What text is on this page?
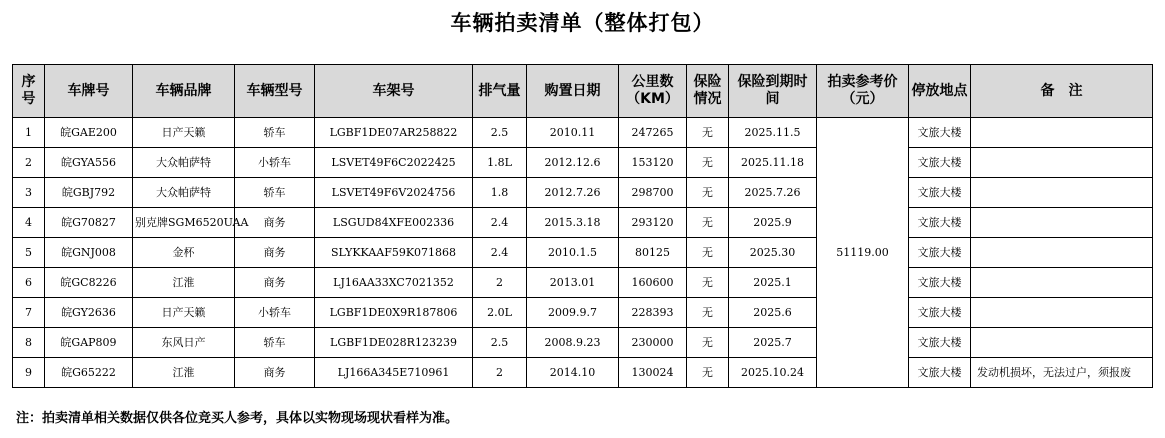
车辆拍卖清单（整体打包）
序号	车牌号	车辆品牌	车辆型号	车架号	排气量	购置日期	公里数（KM）	保险情况	保险到期时间	拍卖参考价（元）	停放地点	备　注
1	皖GAE200	日产天籁	轿车	LGBF1DE07AR258822	2.5	2010.11	247265	无	2025.11.5	51119.00	文旅大楼	
2	皖GYA556	大众帕萨特	小轿车	LSVET49F6C2022425	1.8L	2012.12.6	153120	无	2025.11.18		文旅大楼	
3	皖GBJ792	大众帕萨特	轿车	LSVET49F6V2024756	1.8	2012.7.26	298700	无	2025.7.26		文旅大楼	
4	皖G70827	别克牌SGM6520UAA	商务	LSGUD84XFE002336	2.4	2015.3.18	293120	无	2025.9		文旅大楼	
5	皖GNJ008	金杯	商务	SLYKKAAF59K071868	2.4	2010.1.5	80125	无	2025.30		文旅大楼	
6	皖GC8226	江淮	商务	LJ16AA33XC7021352	2	2013.01	160600	无	2025.1		文旅大楼	
7	皖GY2636	日产天籁	小轿车	LGBF1DE0X9R187806	2.0L	2009.9.7	228393	无	2025.6		文旅大楼	
8	皖GAP809	东风日产	轿车	LGBF1DE028R123239	2.5	2008.9.23	230000	无	2025.7		文旅大楼	
9	皖G65222	江淮	商务	LJ166A345E710961	2	2014.10	130024	无	2025.10.24		文旅大楼	发动机损坏，无法过户，须报废
注：拍卖清单相关数据仅供各位竞买人参考，具体以实物现场现状看样为准。
